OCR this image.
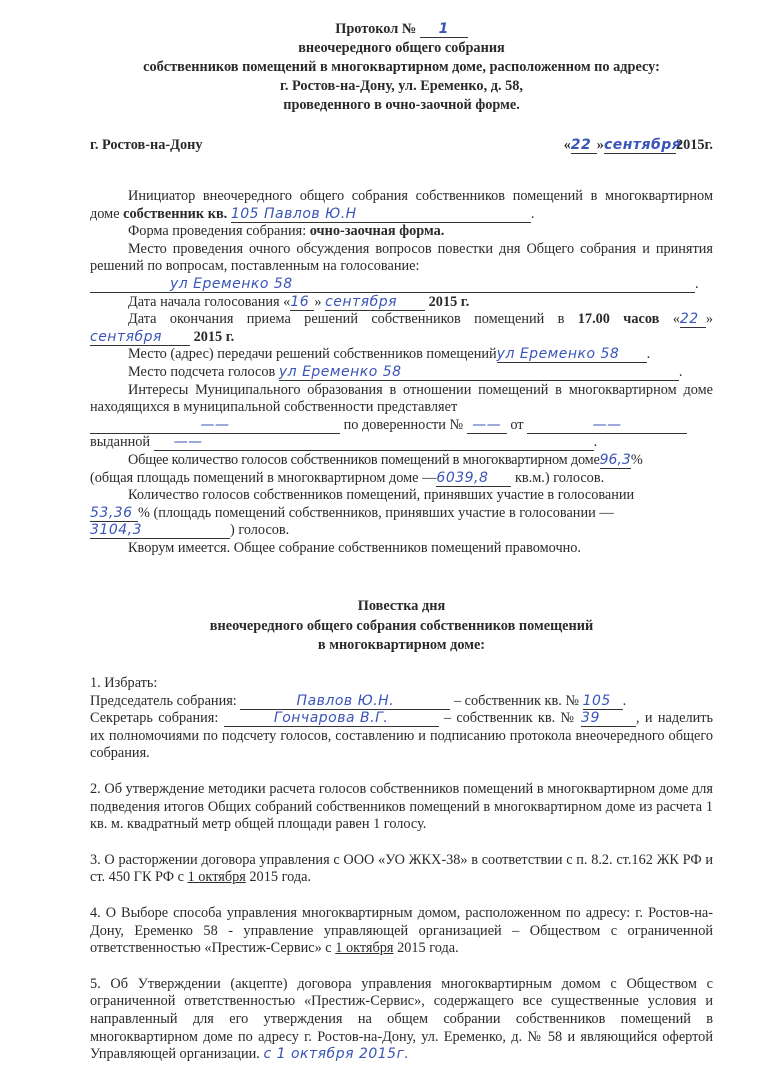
Протокол № 1
внеочередного общего собрания
собственников помещений в многоквартирном доме, расположенном по адресу:
г. Ростов-на-Дону, ул. Еременко, д. 58,
проведенного в очно-заочной форме.
г. Ростов-на-Дону	«22 »сентября2015г.

Инициатор внеочередного общего собрания собственников помещений в многоквартирном доме собственник кв. 105 Павлов Ю.Н	.

Форма проведения собрания: очно-заочная форма.

Место проведения очного обсуждения вопросов повестки дня Общего собрания и принятия решений по вопросам, поставленным на голосование:
ул Еременко 58	.

Дата начала голосования «16 » сентября 2015 г.

Дата окончания приема решений собственников помещений в 17.00 часов «22 »сентября 2015 г.

Место (адрес) передачи решений собственников помещенийул Еременко 58 .

Место подсчета голосов ул Еременко 58	.

Интересы Муниципального образования в отношении помещений в многоквартирном доме находящихся в муниципальной собственности представляет

——	по доверенности № —— от	——

выданной ——	.

Общее количество голосов собственников помещений в многоквартирном доме96,3%

(общая площадь помещений в многоквартирном доме —6039,8 кв.м.) голосов.

Количество голосов собственников помещений, принявших участие в голосовании

53,36 % (площадь помещений собственников, принявших участие в голосовании —

3104,3	) голосов.

Кворум имеется. Общее собрание собственников помещений правомочно.

Повестка дня
внеочередного общего собрания собственников помещений
в многоквартирном доме:

1. Избрать:

Председатель собрания:	Павлов Ю.Н.	– собственник кв. № 105 .

Секретарь собрания:	Гончарова В.Г.	– собственник кв. № 39	, и наделить их полномочиями по подсчету голосов, составлению и подписанию протокола внеочередного общего собрания.

2. Об утверждение методики расчета голосов собственников помещений в многоквартирном доме для подведения итогов Общих собраний собственников помещений в многоквартирном доме из расчета 1 кв. м. квадратный метр общей площади равен 1 голосу.

3. О расторжении договора управления с ООО «УО ЖКХ-38» в соответствии с п. 8.2. ст.162 ЖК РФ и ст. 450 ГК РФ с 1 октября 2015 года.

4. О Выборе способа управления многоквартирным домом, расположенном по адресу: г. Ростов-на-Дону, Еременко 58 - управление управляющей организацией – Обществом с ограниченной ответственностью «Престиж-Сервис» с 1 октября 2015 года.

5. Об Утверждении (акцепте) договора управления многоквартирным домом с Обществом с ограниченной ответственностью «Престиж-Сервис», содержащего все существенные условия и направленный для его утверждения на общем собрании собственников помещений в многоквартирном доме по адресу г. Ростов-на-Дону, ул. Еременко, д. № 58 и являющийся офертой Управляющей организации. с 1 октября 2015г.
